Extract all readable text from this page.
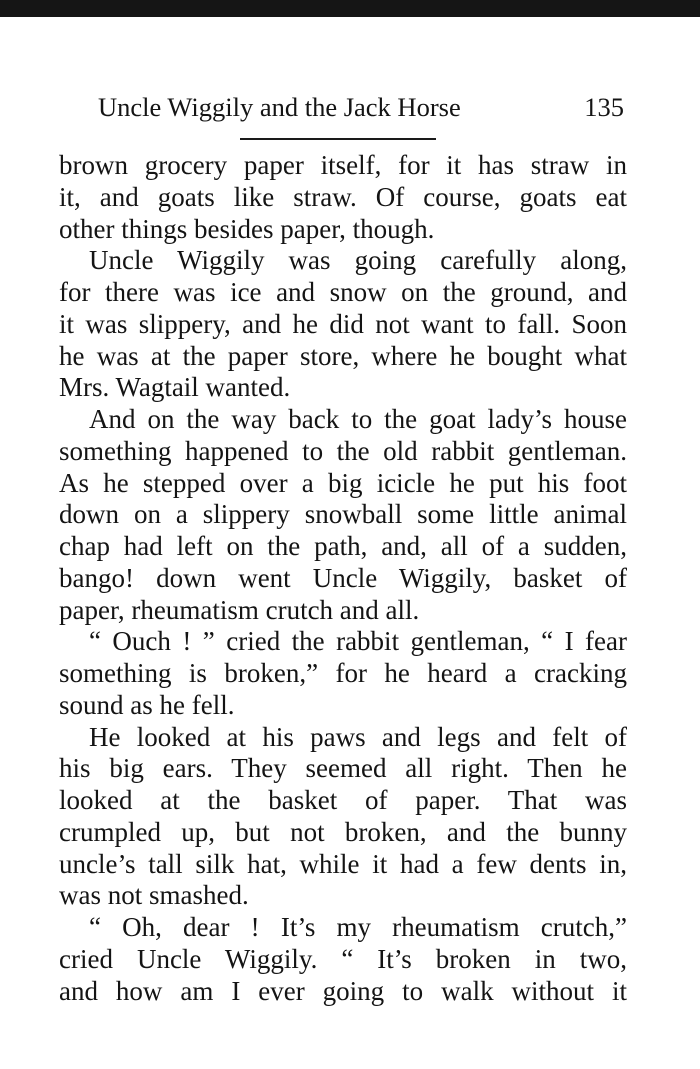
Uncle Wiggily and the Jack Horse	135
brown grocery paper itself, for it has straw in
it, and goats like straw. Of course, goats eat
other things besides paper, though.
Uncle Wiggily was going carefully along,
for there was ice and snow on the ground, and
it was slippery, and he did not want to fall. Soon
he was at the paper store, where he bought what
Mrs. Wagtail wanted.
And on the way back to the goat lady’s house
something happened to the old rabbit gentleman.
As he stepped over a big icicle he put his foot
down on a slippery snowball some little animal
chap had left on the path, and, all of a sudden,
bango! down went Uncle Wiggily, basket of
paper, rheumatism crutch and all.
“ Ouch ! ” cried the rabbit gentleman, “ I fear
something is broken,” for he heard a cracking
sound as he fell.
He looked at his paws and legs and felt of
his big ears. They seemed all right. Then he
looked at the basket of paper. That was
crumpled up, but not broken, and the bunny
uncle’s tall silk hat, while it had a few dents in,
was not smashed.
“ Oh, dear ! It’s my rheumatism crutch,”
cried Uncle Wiggily. “ It’s broken in two,
and how am I ever going to walk without it
